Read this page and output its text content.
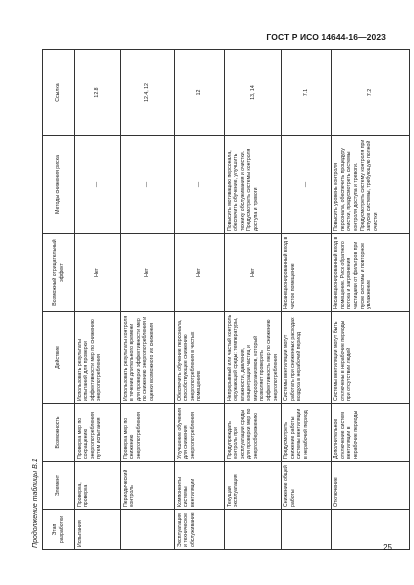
ГОСТ Р ИСО 14644-16—2023
Продолжение таблицы В.1	Этап разработки	Элемент	Возможность	Действие	Возможный отрицательный эффект	Методы снижения риска	Ссылка
Испытания	Проверка, проверка	Проверка мер по сокращению энергопотребления путем испытания	Использовать результаты испытаний для проверки эффективности мер по снижению энергопотребления	Нет	—	12.8
	Периодический контроль	Проверка мер по снижению энергопотребления	Использовать результаты контроля в течение длительного времени для проверки эффективности мер по снижению энергопотребления и оценки возможного их снижения	Нет	—	12.4, 12
Эксплуатация и техническое обслуживание	Компоненты системы вентиляции	Улучшение обучения для снижения энергопотребления	Обеспечить обучение персонала, способствующее снижению энергопотребления в чистых помещениях	Нет	—	12
	Текущая эксплуатация	Предупреждать контроль при эксплуатации среды для проверки мер по энергосбережению	Непрерывный или частый контроль окружающей среды: температуры, влажности, давления, концентрации частиц и микроорганизмов, который позволяет проверить эффективность мер по снижению энергопотребления	Нет	Повысить мотивацию персонала, обеспечить обучение, улучшить технику обслуживания и очистки. Предусмотреть системы контроля доступа и тревоги	13, 14
	Снижение общей работы	Предусмотреть снижение работы системы вентиляции в нерабочий период	Системы вентиляции могут работать при сниженных расходах воздуха в нерабочий период	Несанкционированный вход в чистое помещение	—	7.1
	Отключение	Дополнительное отключение систем вентиляции в нерабочие периоды	Системы вентиляции могут быть отключены в нерабочие периоды при отсутствии людей	Несанкционированный вход в помещение. Риск обратного потока и загрязнения частицами от фильтров при пуске системы и повторное увлажнение	Повысить уровень контроля персонала, обеспечить процедуру очистки, предусмотреть системы контроля доступа и тревоги. Предусмотреть систему контроля при запуске системы, требующую полной очистки	7.2
25
